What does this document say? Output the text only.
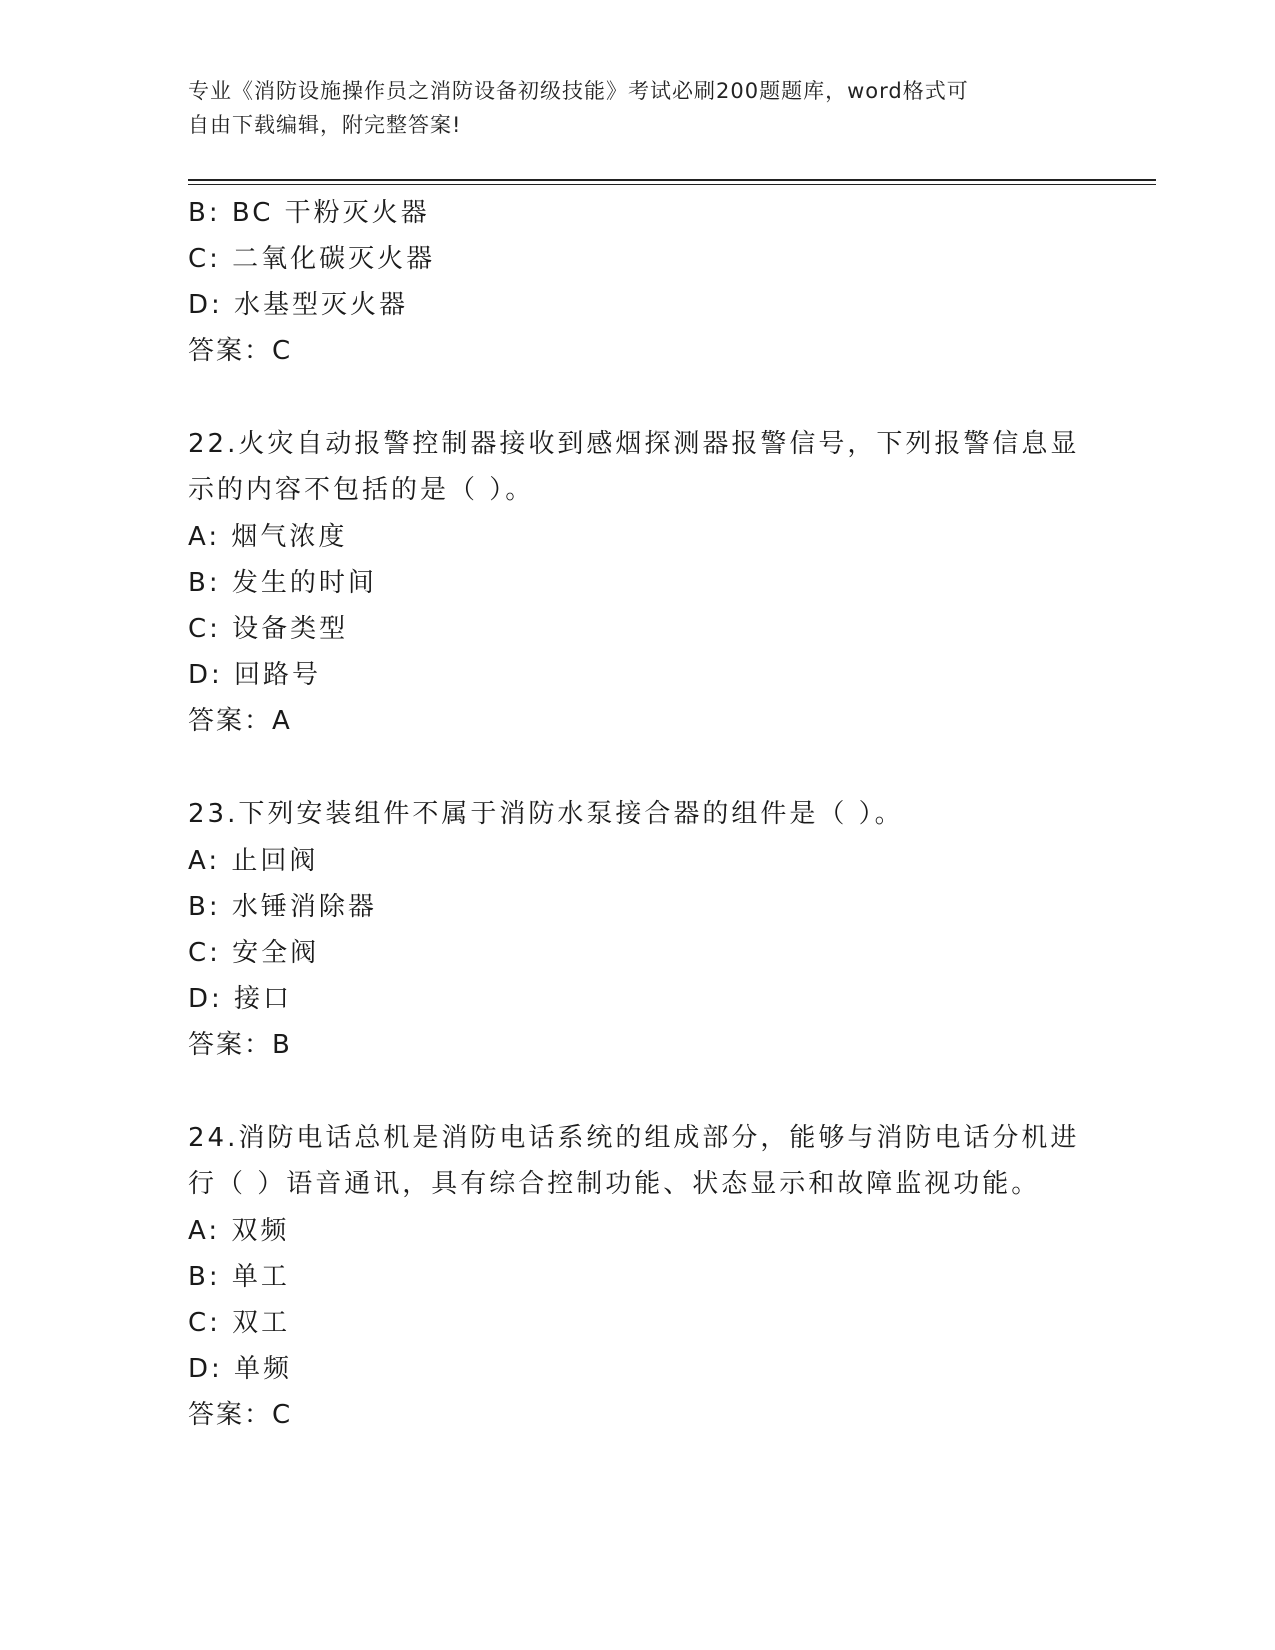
专业《消防设施操作员之消防设备初级技能》考试必刷200题题库，word格式可
自由下载编辑，附完整答案!
B: BC 干粉灭火器
C: 二氧化碳灭火器
D: 水基型灭火器
答案：C
22.火灾自动报警控制器接收到感烟探测器报警信号，下列报警信息显
示的内容不包括的是（ ）。
A: 烟气浓度
B: 发生的时间
C: 设备类型
D: 回路号
答案：A
23.下列安装组件不属于消防水泵接合器的组件是（ ）。
A: 止回阀
B: 水锤消除器
C: 安全阀
D: 接口
答案：B
24.消防电话总机是消防电话系统的组成部分，能够与消防电话分机进
行（ ）语音通讯，具有综合控制功能、状态显示和故障监视功能。
A: 双频
B: 单工
C: 双工
D: 单频
答案：C
